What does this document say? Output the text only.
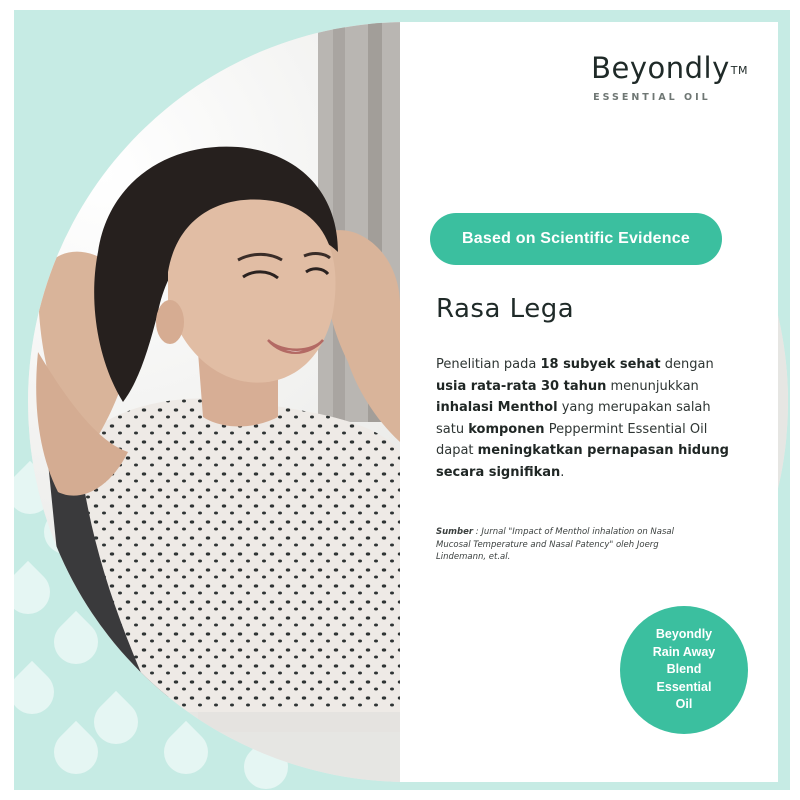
Beyondly™
ESSENTIAL OIL
Based on Scientific Evidence
Rasa Lega
Penelitian pada 18 subyek sehat dengan usia rata-rata 30 tahun menunjukkan inhalasi Menthol yang merupakan salah satu komponen Peppermint Essential Oil dapat meningkatkan pernapasan hidung secara signifikan.
Sumber : Jurnal "Impact of Menthol inhalation on Nasal Mucosal Temperature and Nasal Patency" oleh Joerg Lindemann, et.al.
Beyondly
Rain Away
Blend
Essential
Oil
